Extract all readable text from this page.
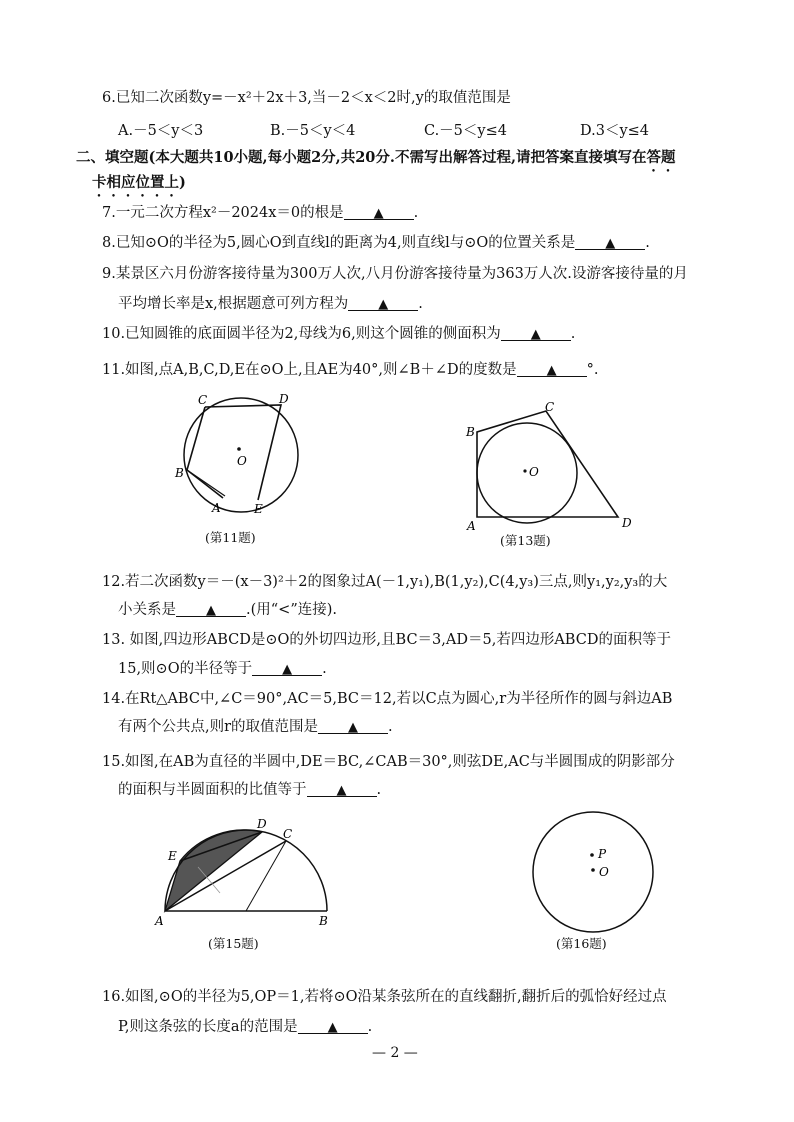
6.已知二次函数y=－x²＋2x＋3,当－2＜x＜2时,y的取值范围是
A.－5＜y＜3	B.－5＜y＜4	C.－5＜y≤4	D.3＜y≤4
二、填空题(本大题共10小题,每小题2分,共20分.不需写出解答过程,请把答案直接填写在答题
卡相应位置上)
7.一元二次方程x²－2024x＝0的根是 ▲ .
8.已知⊙O的半径为5,圆心O到直线l的距离为4,则直线l与⊙O的位置关系是 ▲ .
9.某景区六月份游客接待量为300万人次,八月份游客接待量为363万人次.设游客接待量的月
平均增长率是x,根据题意可列方程为 ▲ .
10.已知圆锥的底面圆半径为2,母线为6,则这个圆锥的侧面积为 ▲ .
11.如图,点A,B,C,D,E在⊙O上,且AE为40°,则∠B＋∠D的度数是 ▲ °.
C	D
O
B
A	E
(第11题)
C
B
O
A	D
(第13题)
12.若二次函数y＝－(x－3)²＋2的图象过A(－1,y₁),B(1,y₂),C(4,y₃)三点,则y₁,y₂,y₃的大
小关系是 ▲ .(用“<”连接).
13. 如图,四边形ABCD是⊙O的外切四边形,且BC＝3,AD＝5,若四边形ABCD的面积等于
15,则⊙O的半径等于 ▲ .
14.在Rt△ABC中,∠C＝90°,AC＝5,BC＝12,若以C点为圆心,r为半径所作的圆与斜边AB
有两个公共点,则r的取值范围是 ▲ .
15.如图,在AB为直径的半圆中,DE＝BC,∠CAB＝30°,则弦DE,AC与半圆围成的阴影部分
的面积与半圆面积的比值等于 ▲ .
D
C
E
A	B
(第15题)
P
O
(第16题)
16.如图,⊙O的半径为5,OP＝1,若将⊙O沿某条弦所在的直线翻折,翻折后的弧恰好经过点
P,则这条弦的长度a的范围是 ▲ .
— 2 —
